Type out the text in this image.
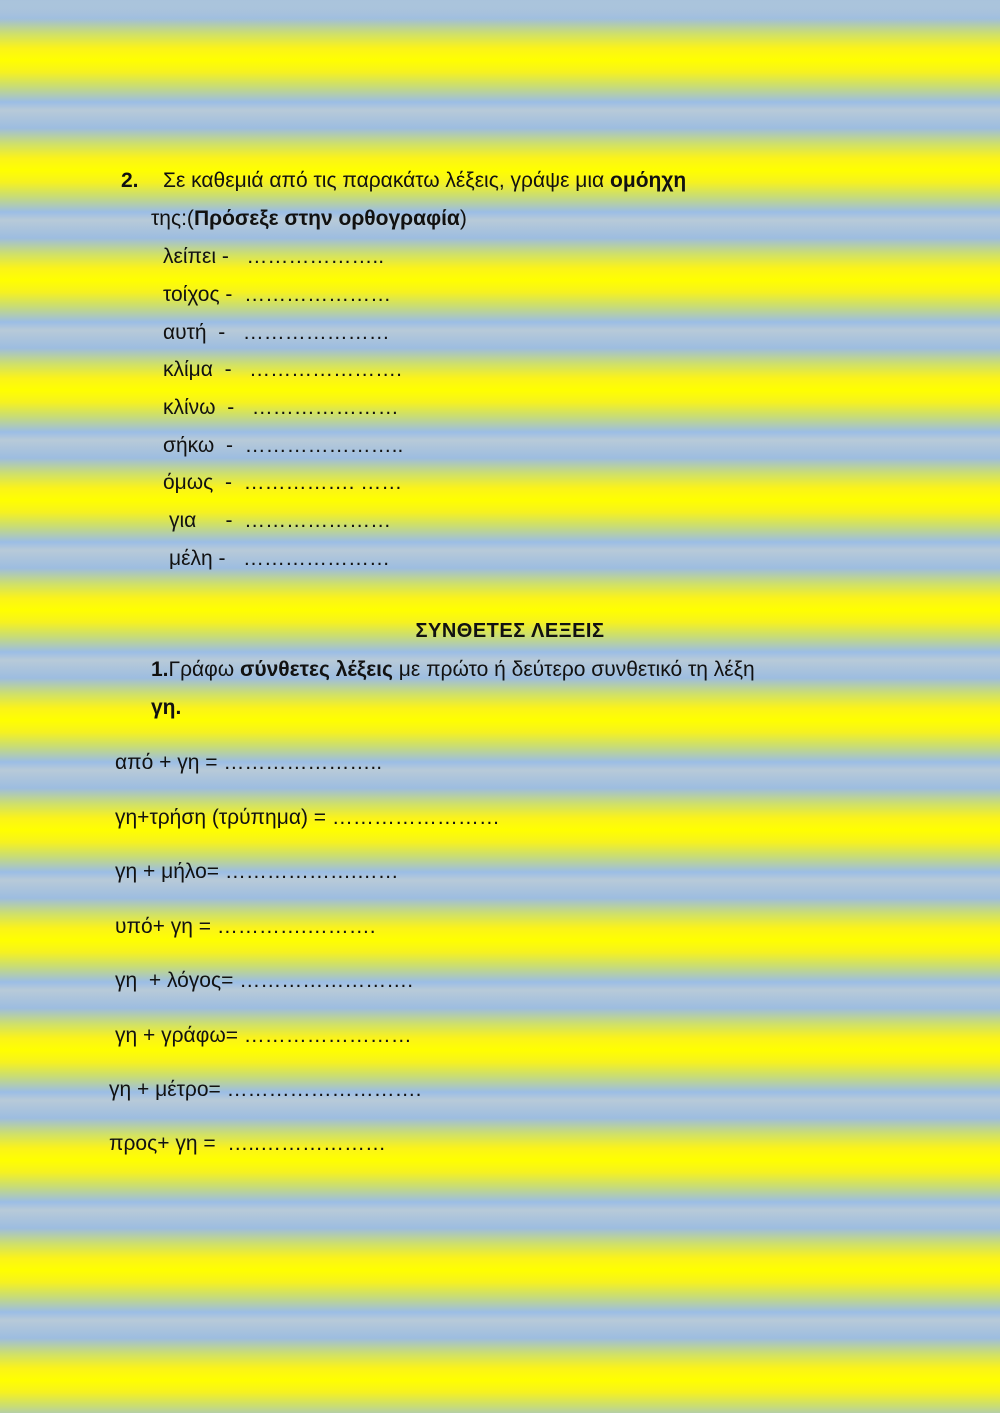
2. Σε καθεμιά από τις παρακάτω λέξεις, γράψε μια ομόηχη
της:(Πρόσεξε στην ορθογραφία)
λείπει - ………………..
τοίχος - …………………
αυτή  - …………………
κλίμα  - ………………….
κλίνω  - …………………
σήκω  - …………………..
όμως  - ……………. ……
για     - …………………
μέλη - …………………
ΣΥΝΘΕΤΕΣ ΛΕΞΕΙΣ
1.Γράφω σύνθετες λέξεις με πρώτο ή δεύτερο συνθετικό τη λέξη
γη.
από + γη = …………………..
γη+τρήση (τρύπημα) = ……………………
γη + μήλο= ……………….……
υπό+ γη = ………….……….
γη  + λόγος= …………………….
γη + γράφω= ……………………
γη + μέτρο= ……………………….
προς+ γη =  …..………………
